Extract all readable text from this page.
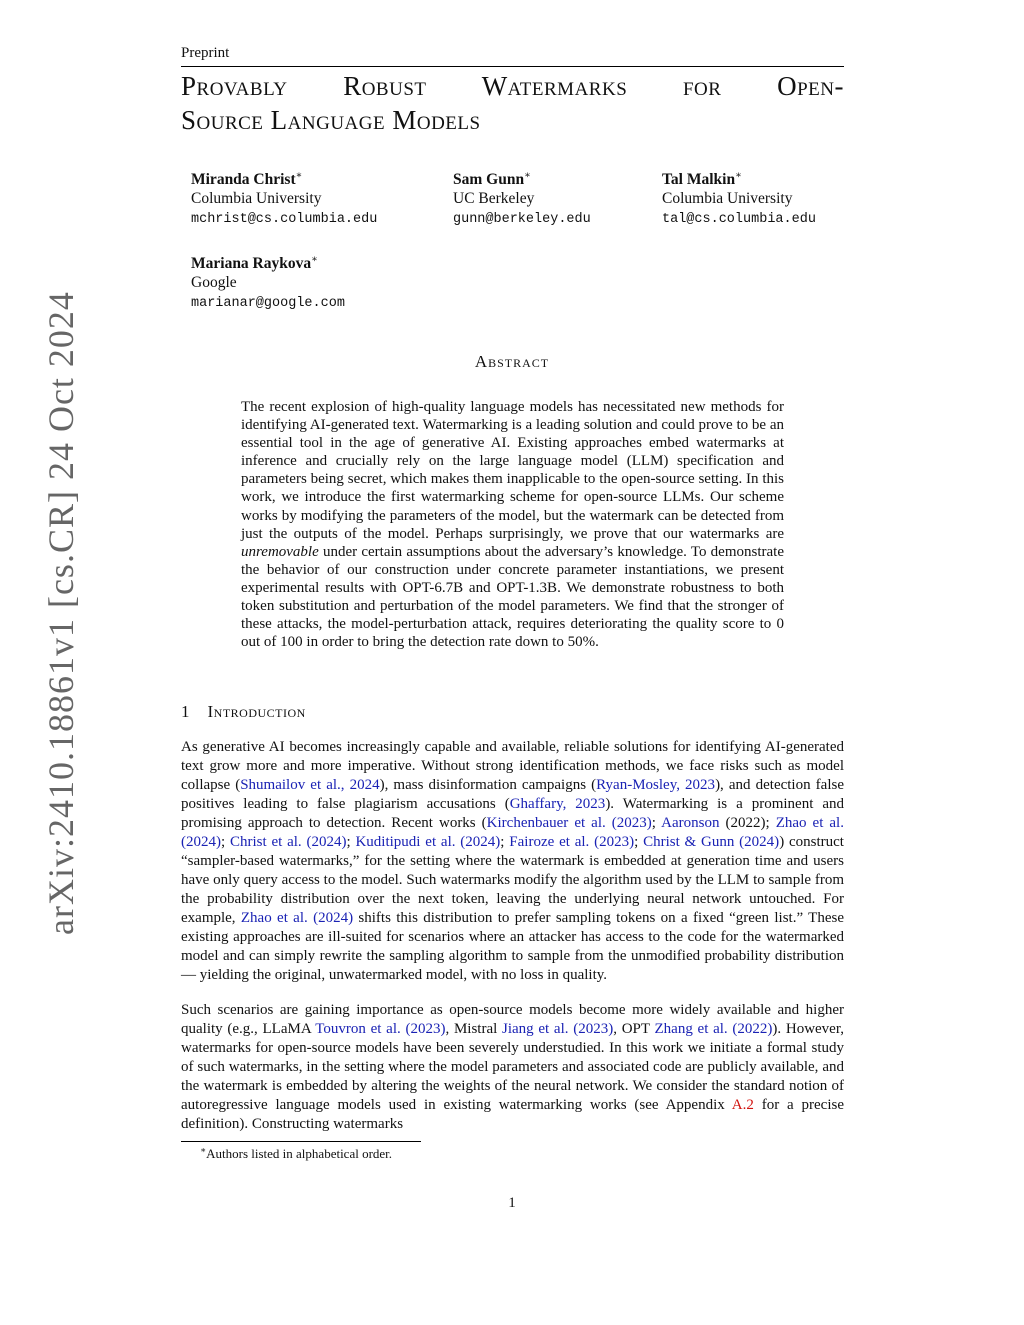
Preprint
Provably Robust Watermarks for Open-
Source Language Models
Miranda Christ∗
Columbia University
mchrist@cs.columbia.edu
Sam Gunn∗
UC Berkeley
gunn@berkeley.edu
Tal Malkin∗
Columbia University
tal@cs.columbia.edu
Mariana Raykova∗
Google
marianar@google.com
arXiv:2410.18861v1 [cs.CR] 24 Oct 2024	Abstract
The recent explosion of high-quality language models has necessitated new methods for identifying AI-generated text. Watermarking is a leading solution and could prove to be an essential tool in the age of generative AI. Existing approaches embed watermarks at inference and crucially rely on the large language model (LLM) specification and parameters being secret, which makes them inapplicable to the open-source setting. In this work, we introduce the first watermarking scheme for open-source LLMs. Our scheme works by modifying the parameters of the model, but the watermark can be detected from just the outputs of the model. Perhaps surprisingly, we prove that our watermarks are unremovable under certain assumptions about the adversary’s knowledge. To demonstrate the behavior of our construction under concrete parameter instantiations, we present experimental results with OPT-6.7B and OPT-1.3B. We demonstrate robustness to both token substitution and perturbation of the model parameters. We find that the stronger of these attacks, the model-perturbation attack, requires deteriorating the quality score to 0 out of 100 in order to bring the detection rate down to 50%.
1 Introduction
As generative AI becomes increasingly capable and available, reliable solutions for identifying AI-generated text grow more and more imperative. Without strong identification methods, we face risks such as model collapse (Shumailov et al., 2024), mass disinformation campaigns (Ryan-Mosley, 2023), and detection false positives leading to false plagiarism accusations (Ghaffary, 2023). Watermarking is a prominent and promising approach to detection. Recent works (Kirchenbauer et al. (2023); Aaronson (2022); Zhao et al. (2024); Christ et al. (2024); Kuditipudi et al. (2024); Fairoze et al. (2023); Christ & Gunn (2024)) construct “sampler-based watermarks,” for the setting where the watermark is embedded at generation time and users have only query access to the model. Such watermarks modify the algorithm used by the LLM to sample from the probability distribution over the next token, leaving the underlying neural network untouched. For example, Zhao et al. (2024) shifts this distribution to prefer sampling tokens on a fixed “green list.” These existing approaches are ill-suited for scenarios where an attacker has access to the code for the watermarked model and can simply rewrite the sampling algorithm to sample from the unmodified probability distribution — yielding the original, unwatermarked model, with no loss in quality.
Such scenarios are gaining importance as open-source models become more widely available and higher quality (e.g., LLaMA Touvron et al. (2023), Mistral Jiang et al. (2023), OPT Zhang et al. (2022)). However, watermarks for open-source models have been severely understudied. In this work we initiate a formal study of such watermarks, in the setting where the model parameters and associated code are publicly available, and the watermark is embedded by altering the weights of the neural network. We consider the standard notion of autoregressive language models used in existing watermarking works (see Appendix A.2 for a precise definition). Constructing watermarks
∗Authors listed in alphabetical order.
1
